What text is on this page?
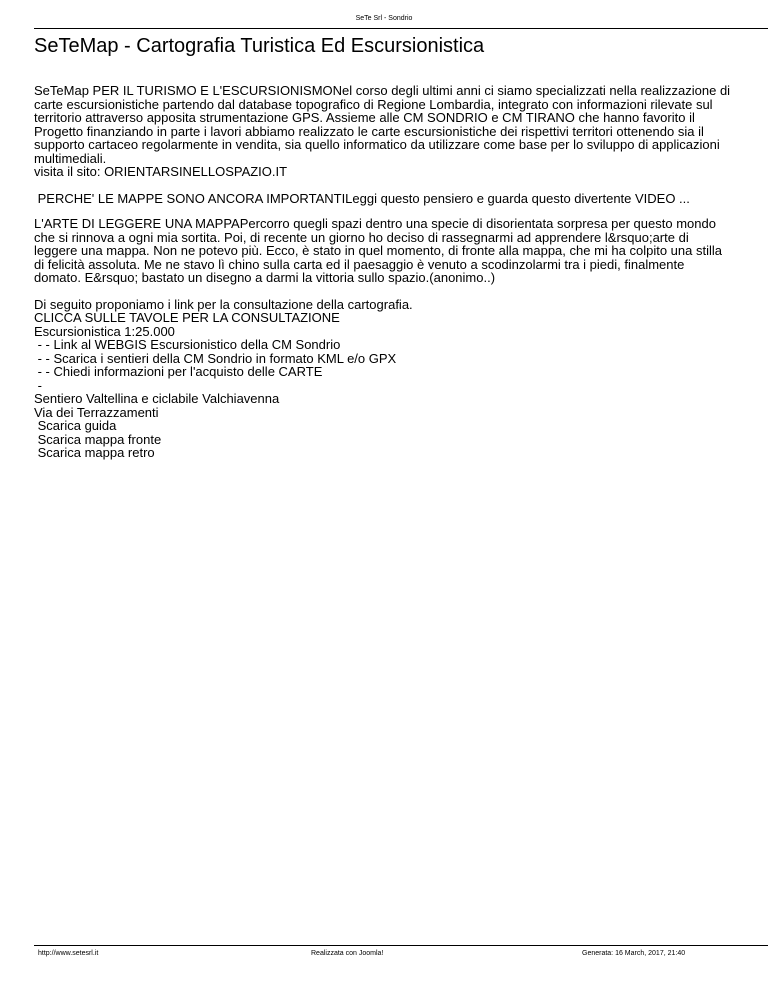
SeTe Srl - Sondrio
SeTeMap - Cartografia Turistica Ed Escursionistica

SeTeMap PER IL TURISMO E L'ESCURSIONISMONel corso degli ultimi anni ci siamo specializzati nella realizzazione di carte escursionistiche partendo dal database topografico di Regione Lombardia, integrato con informazioni rilevate sul territorio attraverso apposita strumentazione GPS. Assieme alle CM SONDRIO e CM TIRANO che hanno favorito il Progetto finanziando in parte i lavori abbiamo realizzato le carte escursionistiche dei rispettivi territori ottenendo sia il supporto cartaceo regolarmente in vendita, sia quello informatico da utilizzare come base per lo sviluppo di applicazioni multimediali.

visita il sito: ORIENTARSINELLOSPAZIO.IT

PERCHE' LE MAPPE SONO ANCORA IMPORTANTILeggi questo pensiero e guarda questo divertente VIDEO ...

L'ARTE DI LEGGERE UNA MAPPAPercorro quegli spazi dentro una specie di disorientata sorpresa per questo mondo che si rinnova a ogni mia sortita. Poi, di recente un giorno ho deciso di rassegnarmi ad apprendere l&rsquo;arte di leggere una mappa. Non ne potevo più. Ecco, è stato in quel momento, di fronte alla mappa, che mi ha colpito una stilla di felicità assoluta. Me ne stavo lì chino sulla carta ed il paesaggio è venuto a scodinzolarmi tra i piedi, finalmente domato. E&rsquo; bastato un disegno a darmi la vittoria sullo spazio.(anonimo..)

Di seguito proponiamo i link per la consultazione della cartografia.

CLICCA SULLE TAVOLE PER LA CONSULTAZIONE

Escursionistica 1:25.000

- - Link al WEBGIS Escursionistico della CM Sondrio

- - Scarica i sentieri della CM Sondrio in formato KML e/o GPX

- - Chiedi informazioni per l'acquisto delle CARTE

-

Sentiero Valtellina e ciclabile Valchiavenna

Via dei Terrazzamenti

Scarica guida

Scarica mappa fronte

Scarica mappa retro

http://www.setesrl.it	Realizzata con Joomla!	Generata: 16 March, 2017, 21:40
